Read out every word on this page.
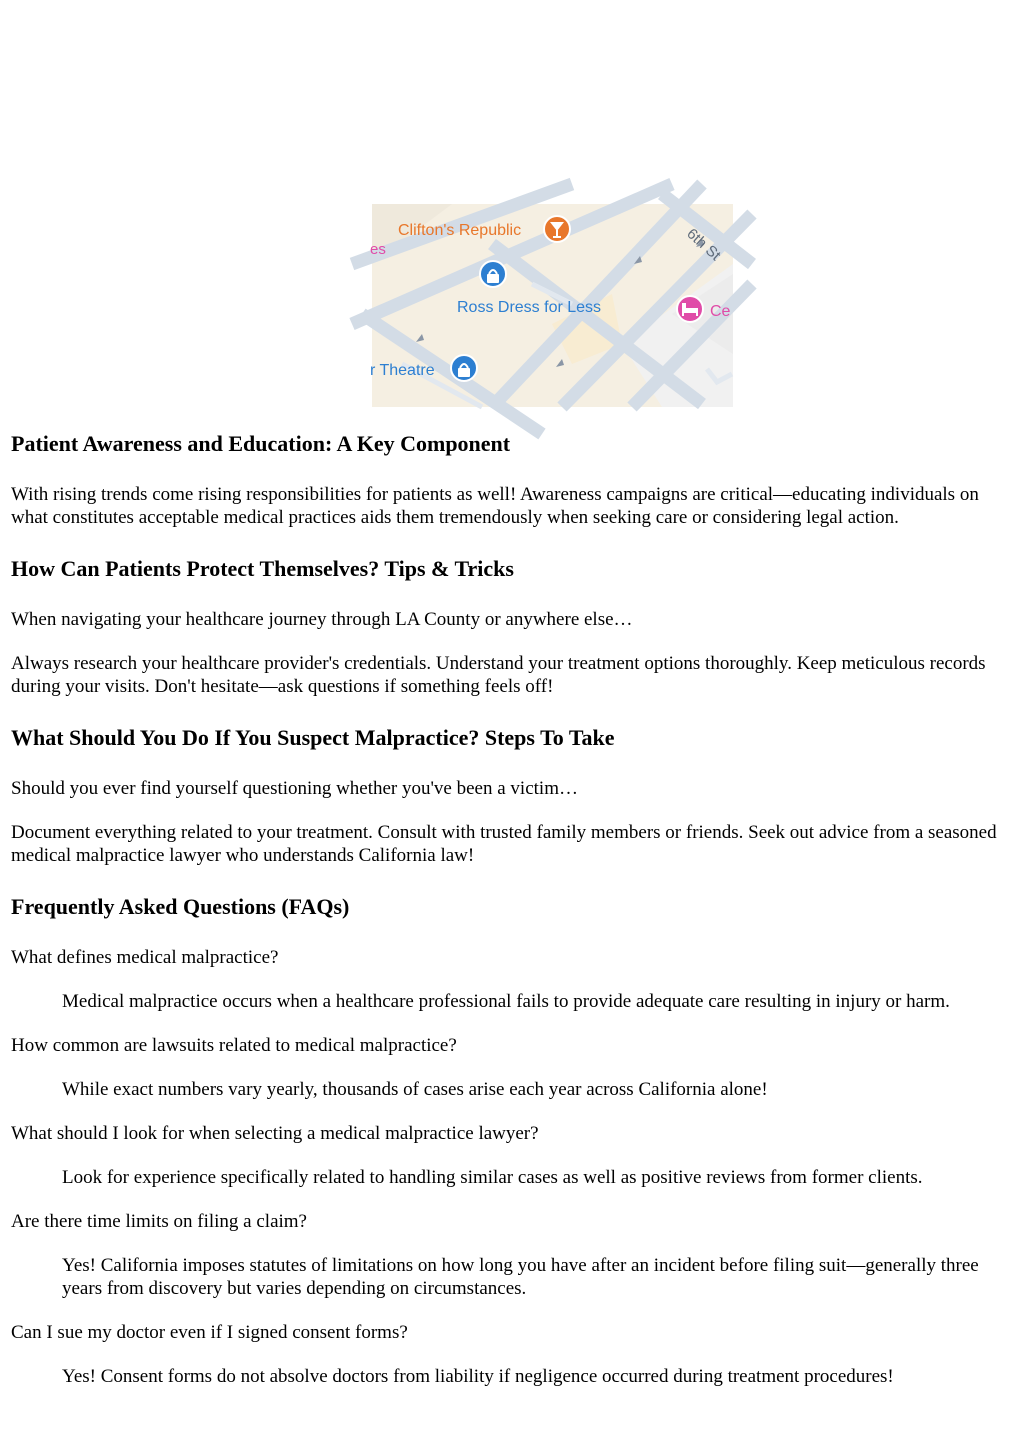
Clifton's Republic	6th St
es
Ross Dress for Less
r Theatre
Ce
Patient Awareness and Education: A Key Component

With rising trends come rising responsibilities for patients as well! Awareness campaigns are critical—educating individuals on what constitutes acceptable medical practices aids them tremendously when seeking care or considering legal action.

How Can Patients Protect Themselves? Tips & Tricks

When navigating your healthcare journey through LA County or anywhere else…

Always research your healthcare provider's credentials. Understand your treatment options thoroughly. Keep meticulous records during your visits. Don't hesitate—ask questions if something feels off!

What Should You Do If You Suspect Malpractice? Steps To Take

Should you ever find yourself questioning whether you've been a victim…

Document everything related to your treatment. Consult with trusted family members or friends. Seek out advice from a seasoned medical malpractice lawyer who understands California law!

Frequently Asked Questions (FAQs)
What defines medical malpractice?
Medical malpractice occurs when a healthcare professional fails to provide adequate care resulting in injury or harm.
How common are lawsuits related to medical malpractice?
While exact numbers vary yearly, thousands of cases arise each year across California alone!
What should I look for when selecting a medical malpractice lawyer?
Look for experience specifically related to handling similar cases as well as positive reviews from former clients.
Are there time limits on filing a claim?
Yes! California imposes statutes of limitations on how long you have after an incident before filing suit—generally three years from discovery but varies depending on circumstances.
Can I sue my doctor even if I signed consent forms?
Yes! Consent forms do not absolve doctors from liability if negligence occurred during treatment procedures!
